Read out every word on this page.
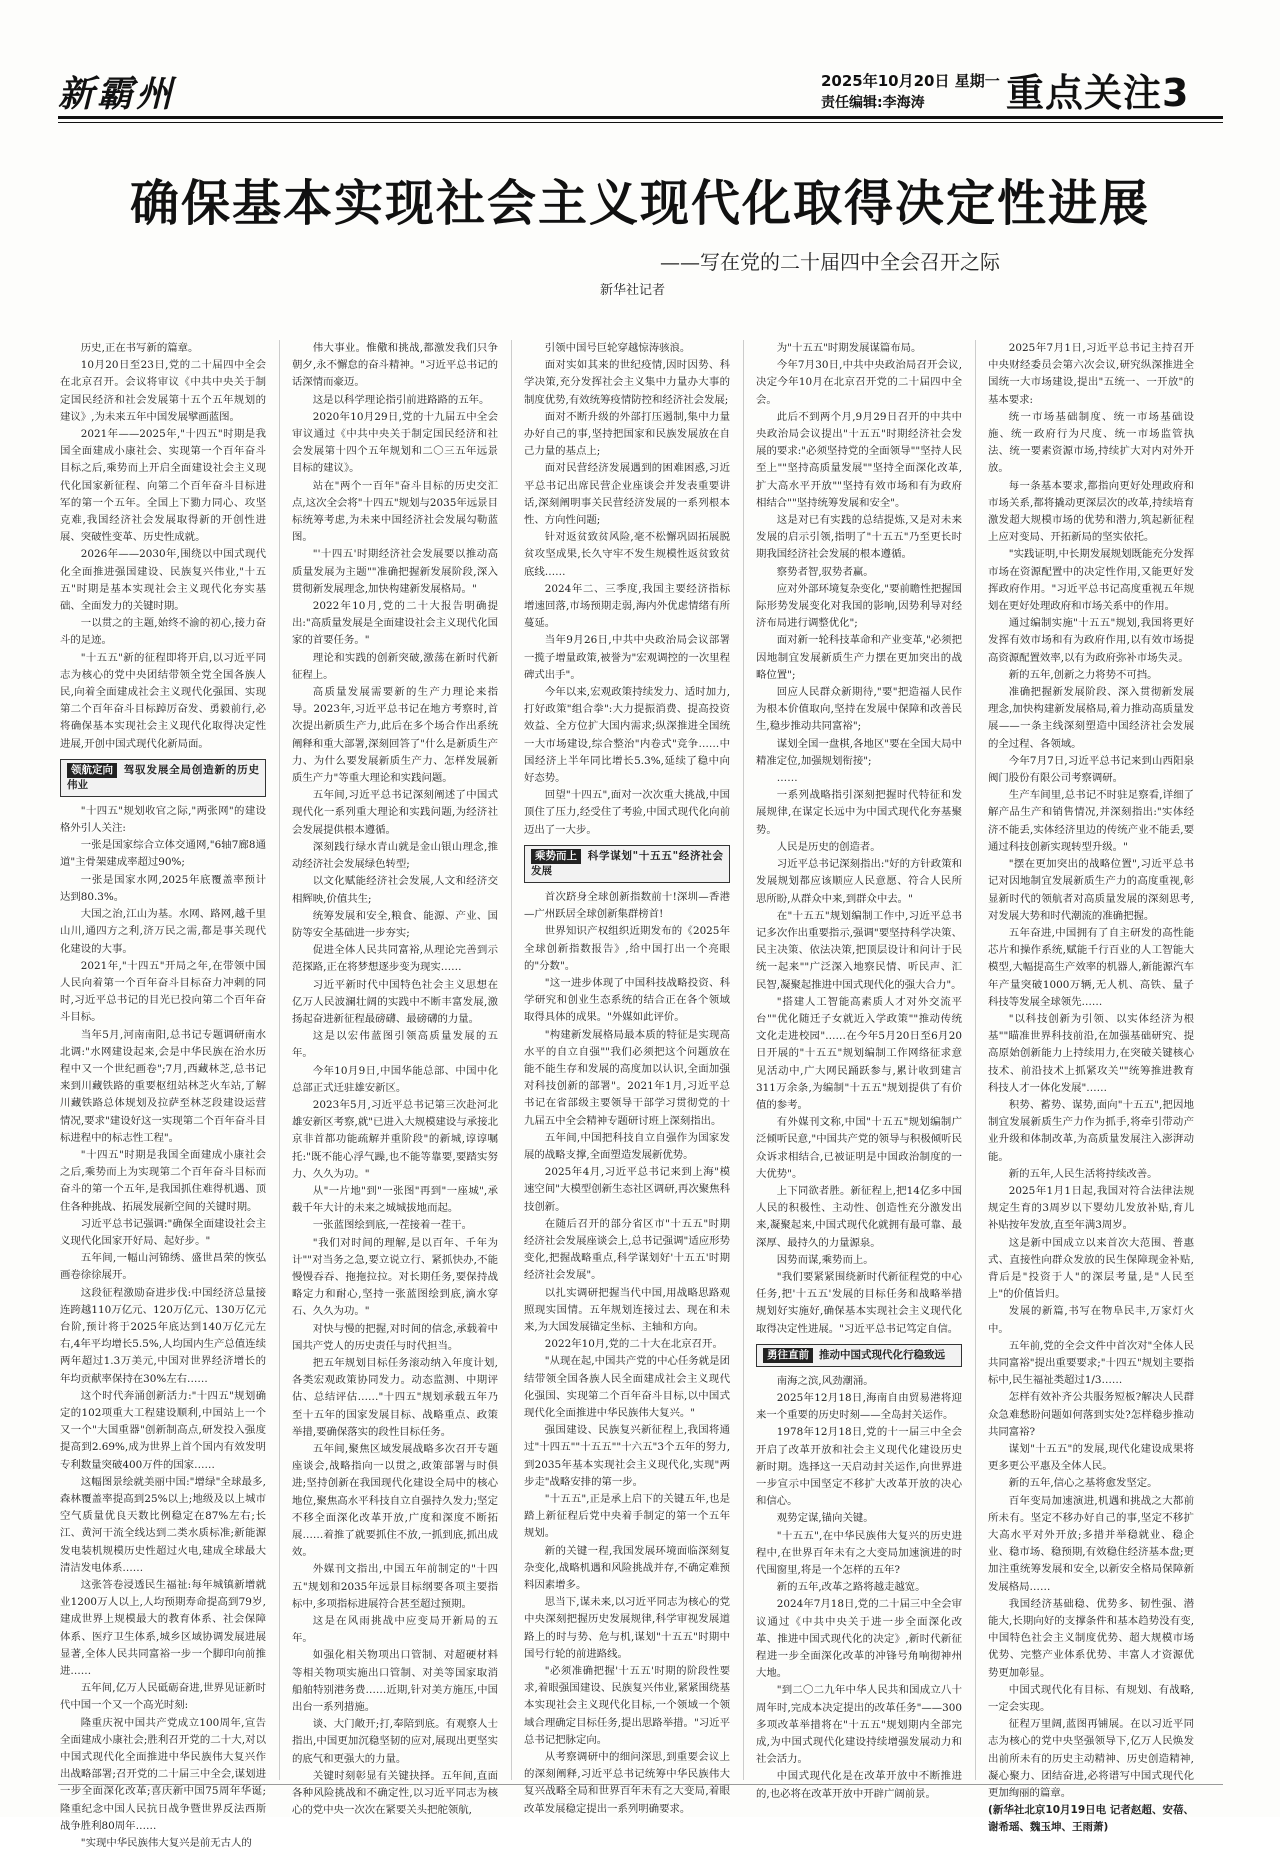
新霸州	2025年10月20日 星期一
责任编辑:李海涛 重点关注3
确保基本实现社会主义现代化取得决定性进展
——写在党的二十届四中全会召开之际
新华社记者

历史,正在书写新的篇章。

10月20日至23日,党的二十届四中全会在北京召开。会议将审议《中共中央关于制定国民经济和社会发展第十五个五年规划的建议》,为未来五年中国发展擘画蓝图。

2021年——2025年,"十四五"时期是我国全面建成小康社会、实现第一个百年奋斗目标之后,乘势而上开启全面建设社会主义现代化国家新征程、向第二个百年奋斗目标进军的第一个五年。全国上下勠力同心、攻坚克难,我国经济社会发展取得新的开创性进展、突破性变革、历史性成就。

2026年——2030年,围绕以中国式现代化全面推进强国建设、民族复兴伟业,"十五五"时期是基本实现社会主义现代化夯实基础、全面发力的关键时期。

一以贯之的主题,始终不渝的初心,接力奋斗的足迹。

"十五五"新的征程即将开启,以习近平同志为核心的党中央团结带领全党全国各族人民,向着全面建成社会主义现代化强国、实现第二个百年奋斗目标踔厉奋发、勇毅前行,必将确保基本实现社会主义现代化取得决定性进展,开创中国式现代化新局面。

领航定向 驾驭发展全局创造新的历史伟业

"十四五"规划收官之际,"两张网"的建设格外引人关注:

一张是国家综合立体交通网,"6轴7廊8通道"主骨架建成率超过90%;

一张是国家水网,2025年底覆盖率预计达到80.3%。

大国之治,江山为基。水网、路网,越千里山川,通四方之利,济万民之需,都是事关现代化建设的大事。

2021年,"十四五"开局之年,在带领中国人民向着第一个百年奋斗目标奋力冲刺的同时,习近平总书记的目光已投向第二个百年奋斗目标。

当年5月,河南南阳,总书记专题调研南水北调:"水网建设起来,会是中华民族在治水历程中又一个世纪画卷";7月,西藏林芝,总书记来到川藏铁路的重要枢纽站林芝火车站,了解川藏铁路总体规划及拉萨至林芝段建设运营情况,要求"建设好这一实现第二个百年奋斗目标进程中的标志性工程"。

"十四五"时期是我国全面建成小康社会之后,乘势而上为实现第二个百年奋斗目标而奋斗的第一个五年,是我国抓住难得机遇、顶住各种挑战、拓展发展新空间的关键时期。

习近平总书记强调:"确保全面建设社会主义现代化国家开好局、起好步。"

五年间,一幅山河锦绣、盛世昌荣的恢弘画卷徐徐展开。

这段征程激励奋进步伐:中国经济总量接连跨越110万亿元、120万亿元、130万亿元台阶,预计将于2025年底达到140万亿元左右,4年平均增长5.5%,人均国内生产总值连续两年超过1.3万美元,中国对世界经济增长的年均贡献率保持在30%左右……

这个时代奔涌创新活力:"十四五"规划确定的102项重大工程建设顺利,中国站上一个又一个"大国重器"创新制高点,研发投入强度提高到2.69%,成为世界上首个国内有效发明专利数量突破400万件的国家……

这幅图景绘就美丽中国:"增绿"全球最多,森林覆盖率提高到25%以上;地级及以上城市空气质量优良天数比例稳定在87%左右;长江、黄河干流全线达到二类水质标准;新能源发电装机规模历史性超过火电,建成全球最大清洁发电体系……

这张答卷浸透民生福祉:每年城镇新增就业1200万人以上,人均预期寿命提高到79岁,建成世界上规模最大的教育体系、社会保障体系、医疗卫生体系,城乡区域协调发展进展显著,全体人民共同富裕一步一个脚印向前推进……

五年间,亿万人民砥砺奋进,世界见证新时代中国一个又一个高光时刻:

隆重庆祝中国共产党成立100周年,宣告全面建成小康社会;胜利召开党的二十大,对以中国式现代化全面推进中华民族伟大复兴作出战略部署;召开党的二十届三中全会,谋划进一步全面深化改革;喜庆新中国75周年华诞;隆重纪念中国人民抗日战争暨世界反法西斯战争胜利80周年……

"实现中华民族伟大复兴是前无古人的

伟大事业。惟儆和挑战,都激发我们只争朝夕,永不懈怠的奋斗精神。"习近平总书记的话深情而豪迈。

这是以科学理论指引前进路路的五年。

2020年10月29日,党的十九届五中全会审议通过《中共中央关于制定国民经济和社会发展第十四个五年规划和二〇三五年远景目标的建议》。

站在"两个一百年"奋斗目标的历史交汇点,这次全会将"十四五"规划与2035年远景目标统筹考虑,为未来中国经济社会发展勾勒蓝图。

"'十四五'时期经济社会发展要以推动高质量发展为主题""准确把握新发展阶段,深入贯彻新发展理念,加快构建新发展格局。"

2022年10月,党的二十大报告明确提出:"高质量发展是全面建设社会主义现代化国家的首要任务。"

理论和实践的创新突破,激荡在新时代新征程上。

高质量发展需要新的生产力理论来指导。2023年,习近平总书记在地方考察时,首次提出新质生产力,此后在多个场合作出系统阐释和重大部署,深刻回答了"什么是新质生产力、为什么要发展新质生产力、怎样发展新质生产力"等重大理论和实践问题。

五年间,习近平总书记深刻阐述了中国式现代化一系列重大理论和实践问题,为经济社会发展提供根本遵循。

深刻践行绿水青山就是金山银山理念,推动经济社会发展绿色转型;

以文化赋能经济社会发展,人文和经济交相辉映,价值共生;

统筹发展和安全,粮食、能源、产业、国防等安全基础进一步夯实;

促进全体人民共同富裕,从理论完善到示范探路,正在将梦想逐步变为现实……

习近平新时代中国特色社会主义思想在亿万人民波澜壮阔的实践中不断丰富发展,激扬起奋进新征程最磅礴、最磅礴的力量。

这是以宏伟蓝图引领高质量发展的五年。

今年10月9日,中国华能总部、中国中化总部正式迁驻雄安新区。

2023年5月,习近平总书记第三次赴河北雄安新区考察,就"已进入大规模建设与承接北京非首都功能疏解并重阶段"的新城,谆谆嘱托:"既不能心浮气躁,也不能等靠要,要踏实努力、久久为功。"

从"一片地"到"一张图"再到"一座城",承载千年大计的未来之城城拔地而起。

一张蓝图绘到底,一茬接着一茬干。

"我们对时间的理解,是以百年、千年为计""对当务之急,要立说立行、紧抓快办,不能慢慢吞吞、拖拖拉拉。对长期任务,要保持战略定力和耐心,坚持一张蓝图绘到底,滴水穿石、久久为功。"

对快与慢的把握,对时间的信念,承载着中国共产党人的历史责任与时代担当。

把五年规划目标任务滚动纳入年度计划,各类宏观政策协同发力。动态监测、中期评估、总结评估……"十四五"规划承载五年乃至十五年的国家发展目标、战略重点、政策举措,要确保落实的段性目标任务。

五年间,聚焦区域发展战略多次召开专题座谈会,战略指向一以贯之,政策部署与时俱进;坚持创新在我国现代化建设全局中的核心地位,聚焦高水平科技自立自强持久发力;坚定不移全面深化改革开放,广度和深度不断拓展……着推了就要抓住不放,一抓到底,抓出成效。

外媒刊文指出,中国五年前制定的"十四五"规划和2035年远景目标纲要各项主要指标中,多项指标进展符合甚至超过预期。

这是在风雨挑战中应变局开新局的五年。

如强化相关物项出口管制、对超硬材料等相关物项实施出口管制、对美等国家取消船舶特别港务费……近期,针对美方施压,中国出台一系列措施。

谈、大门敞开;打,奉陪到底。有观察人士指出,中国更加沉稳坚韧的应对,展现出更坚实的底气和更强大的力量。

关键时刻彰显有关键抉择。五年间,直面各种风险挑战和不确定性,以习近平同志为核心的党中央一次次在紧要关头把舵领航,

引领中国号巨轮穿越惊涛骇浪。

面对实如其来的世纪疫情,因时因势、科学决策,充分发挥社会主义集中力量办大事的制度优势,有效统筹疫情防控和经济社会发展;

面对不断升级的外部打压遏制,集中力量办好自己的事,坚持把国家和民族发展放在自己力量的基点上;

面对民营经济发展遇到的困难困惑,习近平总书记出席民营企业座谈会并发表重要讲话,深刻阐明事关民营经济发展的一系列根本性、方向性问题;

针对返贫致贫风险,毫不松懈巩固拓展脱贫攻坚成果,长久守牢不发生规模性返贫致贫底线……

2024年二、三季度,我国主要经济指标增速回落,市场预期走弱,海内外优虑情绪有所蔓延。

当年9月26日,中共中央政治局会议部署一揽子增量政策,被誉为"宏观调控的一次里程碑式出手"。

今年以来,宏观政策持续发力、适时加力,打好政策"组合拳":大力提振消费、提高投资效益、全方位扩大国内需求;纵深推进全国统一大市场建设,综合整治"内卷式"竞争……中国经济上半年同比增长5.3%,延续了稳中向好态势。

回望"十四五",面对一次次重大挑战,中国顶住了压力,经受住了考验,中国式现代化向前迈出了一大步。

乘势而上 科学谋划"十五五"经济社会发展

首次跻身全球创新指数前十!深圳—香港—广州跃居全球创新集群榜首!

世界知识产权组织近期发布的《2025年全球创新指数报告》,给中国打出一个亮眼的"分数"。

"这一进步体现了中国科技战略投资、科学研究和创业生态系统的结合正在各个领域取得具体的成果。"外媒如此评价。

"构建新发展格局最本质的特征是实现高水平的自立自强""我们必须把这个问题放在能不能生存和发展的高度加以认识,全面加强对科技创新的部署"。2021年1月,习近平总书记在省部级主要领导干部学习贯彻党的十九届五中全会精神专题研讨班上深刻指出。

五年间,中国把科技自立自强作为国家发展的战略支撑,全面塑造发展新优势。

2025年4月,习近平总书记来到上海"模速空间"大模型创新生态社区调研,再次聚焦科技创新。

在随后召开的部分省区市"十五五"时期经济社会发展座谈会上,总书记强调"适应形势变化,把握战略重点,科学谋划好'十五五'时期经济社会发展"。

以扎实调研把握当代中国,用战略思路观照现实国情。五年规划连接过去、现在和未来,为大国发展锚定坐标、主轴和方向。

2022年10月,党的二十大在北京召开。

"从现在起,中国共产党的中心任务就是团结带领全国各族人民全面建成社会主义现代化强国、实现第二个百年奋斗目标,以中国式现代化全面推进中华民族伟大复兴。"

强国建设、民族复兴新征程上,我国将通过"十四五""十五五""十六五"3个五年的努力,到2035年基本实现社会主义现代化,实现"两步走"战略安排的第一步。

"十五五",正是承上启下的关键五年,也是踏上新征程后党中央着手制定的第一个五年规划。

新的关键一程,我国发展环境面临深刻复杂变化,战略机遇和风险挑战并存,不确定难预料因素增多。

思当下,谋未来,以习近平同志为核心的党中央深刻把握历史发展规律,科学审视发展道路上的时与势、危与机,谋划"十五五"时期中国号行轮的前进路线。

"必须准确把握'十五五'时期的阶段性要求,着眼强国建设、民族复兴伟业,紧紧围绕基本实现社会主义现代化目标,一个领域一个领域合理确定目标任务,提出思路举措。"习近平总书记把脉定向。

从考察调研中的细问深思,到重要会议上的深刻阐释,习近平总书记统筹中华民族伟大复兴战略全局和世界百年未有之大变局,着眼改革发展稳定提出一系列明确要求。

为"十五五"时期发展谋篇布局。

今年7月30日,中共中央政治局召开会议,决定今年10月在北京召开党的二十届四中全会。

此后不到两个月,9月29日召开的中共中央政治局会议提出"十五五"时期经济社会发展的要求:"必须坚持党的全面领导""坚持人民至上""坚持高质量发展""坚持全面深化改革,扩大高水平开放""坚持有效市场和有为政府相结合""坚持统筹发展和安全"。

这是对已有实践的总结提炼,又是对未来发展的启示引领,指明了"十五五"乃至更长时期我国经济社会发展的根本遵循。

察势者智,驭势者赢。

应对外部环境复杂变化,"要前瞻性把握国际形势发展变化对我国的影响,因势利导对经济布局进行调整优化";

面对新一轮科技革命和产业变革,"必须把因地制宜发展新质生产力摆在更加突出的战略位置";

回应人民群众新期待,"要"把造福人民作为根本价值取向,坚持在发展中保障和改善民生,稳步推动共同富裕";

谋划全国一盘棋,各地区"要在全国大局中精准定位,加强规划衔接";

……

一系列战略指引深刻把握时代特征和发展规律,在谋定长远中为中国式现代化夯基聚势。

人民是历史的创造者。

习近平总书记深刻指出:"好的方针政策和发展规划都应该顺应人民意愿、符合人民所思所盼,从群众中来,到群众中去。"

在"十五五"规划编制工作中,习近平总书记多次作出重要指示,强调"要坚持科学决策、民主决策、依法决策,把顶层设计和问计于民统一起来""广泛深入地察民情、听民声、汇民智,凝聚起推进中国式现代化的强大合力"。

"搭建人工智能高素质人才对外交流平台""优化随迁子女就近入学政策""推动传统文化走进校园"……在今年5月20日至6月20日开展的"十五五"规划编制工作网络征求意见活动中,广大网民踊跃参与,累计收到建言311万余条,为编制"十五五"规划提供了有价值的参考。

有外媒刊文称,中国"十五五"规划编制广泛倾听民意,"中国共产党的领导与积极倾听民众诉求相结合,已被证明是中国政治制度的一大优势"。

上下同欲者胜。新征程上,把14亿多中国人民的积极性、主动性、创造性充分激发出来,凝聚起来,中国式现代化就拥有最可靠、最深厚、最持久的力量源泉。

因势而谋,乘势而上。

"我们要紧紧围绕新时代新征程党的中心任务,把'十五五'发展的目标任务和战略举措规划好实施好,确保基本实现社会主义现代化取得决定性进展。"习近平总书记笃定自信。

勇往直前 推动中国式现代化行稳致远

南海之滨,风劲潮涌。

2025年12月18日,海南自由贸易港将迎来一个重要的历史时刻——全岛封关运作。

1978年12月18日,党的十一届三中全会开启了改革开放和社会主义现代化建设历史新时期。选择这一天启动封关运作,向世界进一步宣示中国坚定不移扩大改革开放的决心和信心。

观势定谋,锚向关键。

"十五五",在中华民族伟大复兴的历史进程中,在世界百年未有之大变局加速演进的时代围窗里,将是一个怎样的五年?

新的五年,改革之路将越走越宽。

2024年7月18日,党的二十届三中全会审议通过《中共中央关于进一步全面深化改革、推进中国式现代化的决定》,新时代新征程进一步全面深化改革的冲锋号角响彻神州大地。

"到二〇二九年中华人民共和国成立八十周年时,完成本决定提出的改革任务"——300多项改革举措将在"十五五"规划期内全部完成,为中国式现代化建设持续增强发展动力和社会活力。

中国式现代化是在改革开放中不断推进的,也必将在改革开放中开辟广阔前景。

2025年7月1日,习近平总书记主持召开中央财经委员会第六次会议,研究纵深推进全国统一大市场建设,提出"五统一、一开放"的基本要求:

统一市场基础制度、统一市场基础设施、统一政府行为尺度、统一市场监管执法、统一要素资源市场,持续扩大对内对外开放。

每一条基本要求,都指向更好处理政府和市场关系,都将撬动更深层次的改革,持续培育激发超大规模市场的优势和潜力,筑起新征程上应对变局、开拓新局的坚实依托。

"实践证明,中长期发展规划既能充分发挥市场在资源配置中的决定性作用,又能更好发挥政府作用。"习近平总书记高度重视五年规划在更好处理政府和市场关系中的作用。

通过编制实施"十五五"规划,我国将更好发挥有效市场和有为政府作用,以有效市场提高资源配置效率,以有为政府弥补市场失灵。

新的五年,创新之力将势不可挡。

准确把握新发展阶段、深入贯彻新发展理念,加快构建新发展格局,着力推动高质量发展——一条主线深刻塑造中国经济社会发展的全过程、各领域。

今年7月7日,习近平总书记来到山西阳泉阀门股份有限公司考察调研。

生产车间里,总书记不时驻足察看,详细了解产品生产和销售情况,并深刻指出:"实体经济不能丢,实体经济里边的传统产业不能丢,要通过科技创新实现转型升级。"

"摆在更加突出的战略位置",习近平总书记对因地制宜发展新质生产力的高度重视,彰显新时代的领航者对高质量发展的深刻思考,对发展大势和时代潮流的准确把握。

五年奋进,中国拥有了自主研发的高性能芯片和操作系统,赋能千行百业的人工智能大模型,大幅提高生产效率的机器人,新能源汽车年产量突破1000万辆,无人机、高铁、量子科技等发展全球领先……

"以科技创新为引领、以实体经济为根基""瞄准世界科技前沿,在加强基础研究、提高原始创新能力上持续用力,在突破关键核心技术、前沿技术上抓紧攻关""统筹推进教育科技人才一体化发展"……

积势、蓄势、谋势,面向"十五五",把因地制宜发展新质生产力作为抓手,将牵引带动产业升级和体制改革,为高质量发展注入澎湃动能。

新的五年,人民生活将持续改善。

2025年1月1日起,我国对符合法律法规规定生育的3周岁以下婴幼儿发放补贴,育儿补贴按年发放,直至年满3周岁。

这是新中国成立以来首次大范围、普惠式、直接性向群众发放的民生保障现金补贴,背后是"投资于人"的深层考量,是"人民至上"的价值旨归。

发展的新篇,书写在物阜民丰,万家灯火中。

五年前,党的全会文件中首次对"全体人民共同富裕"提出重要要求;"十四五"规划主要指标中,民生福祉类超过1/3……

怎样有效补齐公共服务短板?解决人民群众急难愁盼问题如何落到实处?怎样稳步推动共同富裕?

谋划"十五五"的发展,现代化建设成果将更多更公平惠及全体人民。

新的五年,信心之基将愈发坚定。

百年变局加速演进,机遇和挑战之大都前所未有。坚定不移办好自己的事,坚定不移扩大高水平对外开放;多措并举稳就业、稳企业、稳市场、稳预期,有效稳住经济基本盘;更加注重统筹发展和安全,以新安全格局保障新发展格局……

我国经济基础稳、优势多、韧性强、潜能大,长期向好的支撑条件和基本趋势没有变,中国特色社会主义制度优势、超大规模市场优势、完整产业体系优势、丰富人才资源优势更加彰显。

中国式现代化有目标、有规划、有战略,一定会实现。

征程万里阔,蓝图再铺展。在以习近平同志为核心的党中央坚强领导下,亿万人民焕发出前所未有的历史主动精神、历史创造精神,凝心聚力、团结奋进,必将谱写中国式现代化更加绚丽的篇章。

(新华社北京10月19日电 记者赵超、安蓓、谢希瑶、魏玉坤、王雨萧)
